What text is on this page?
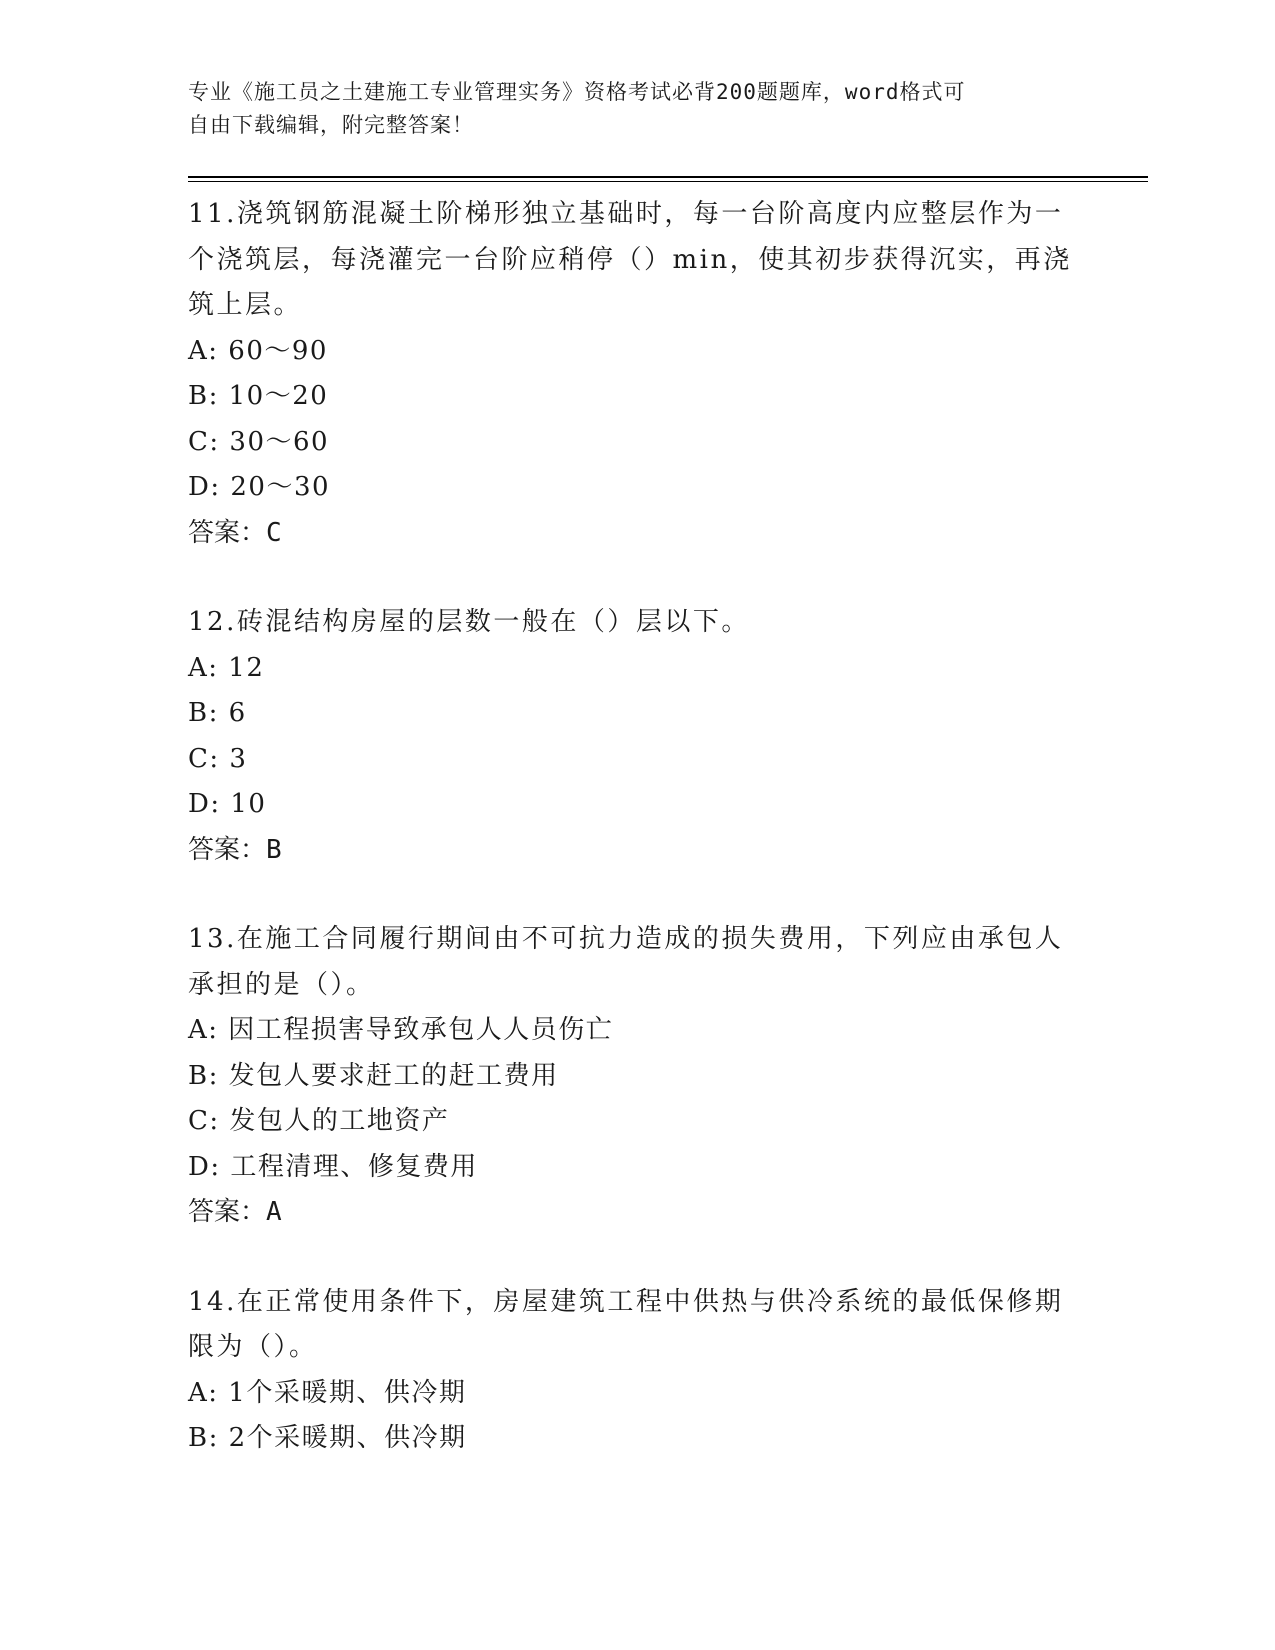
专业《施工员之土建施工专业管理实务》资格考试必背200题题库，word格式可
自由下载编辑，附完整答案！
11.浇筑钢筋混凝土阶梯形独立基础时，每一台阶高度内应整层作为一
个浇筑层，每浇灌完一台阶应稍停（）min，使其初步获得沉实，再浇
筑上层。
A: 60～90
B: 10～20
C: 30～60
D: 20～30
答案：C
12.砖混结构房屋的层数一般在（）层以下。
A: 12
B: 6
C: 3
D: 10
答案：B
13.在施工合同履行期间由不可抗力造成的损失费用，下列应由承包人
承担的是（）。
A: 因工程损害导致承包人人员伤亡
B: 发包人要求赶工的赶工费用
C: 发包人的工地资产
D: 工程清理、修复费用
答案：A
14.在正常使用条件下，房屋建筑工程中供热与供冷系统的最低保修期
限为（）。
A: 1个采暖期、供冷期
B: 2个采暖期、供冷期
